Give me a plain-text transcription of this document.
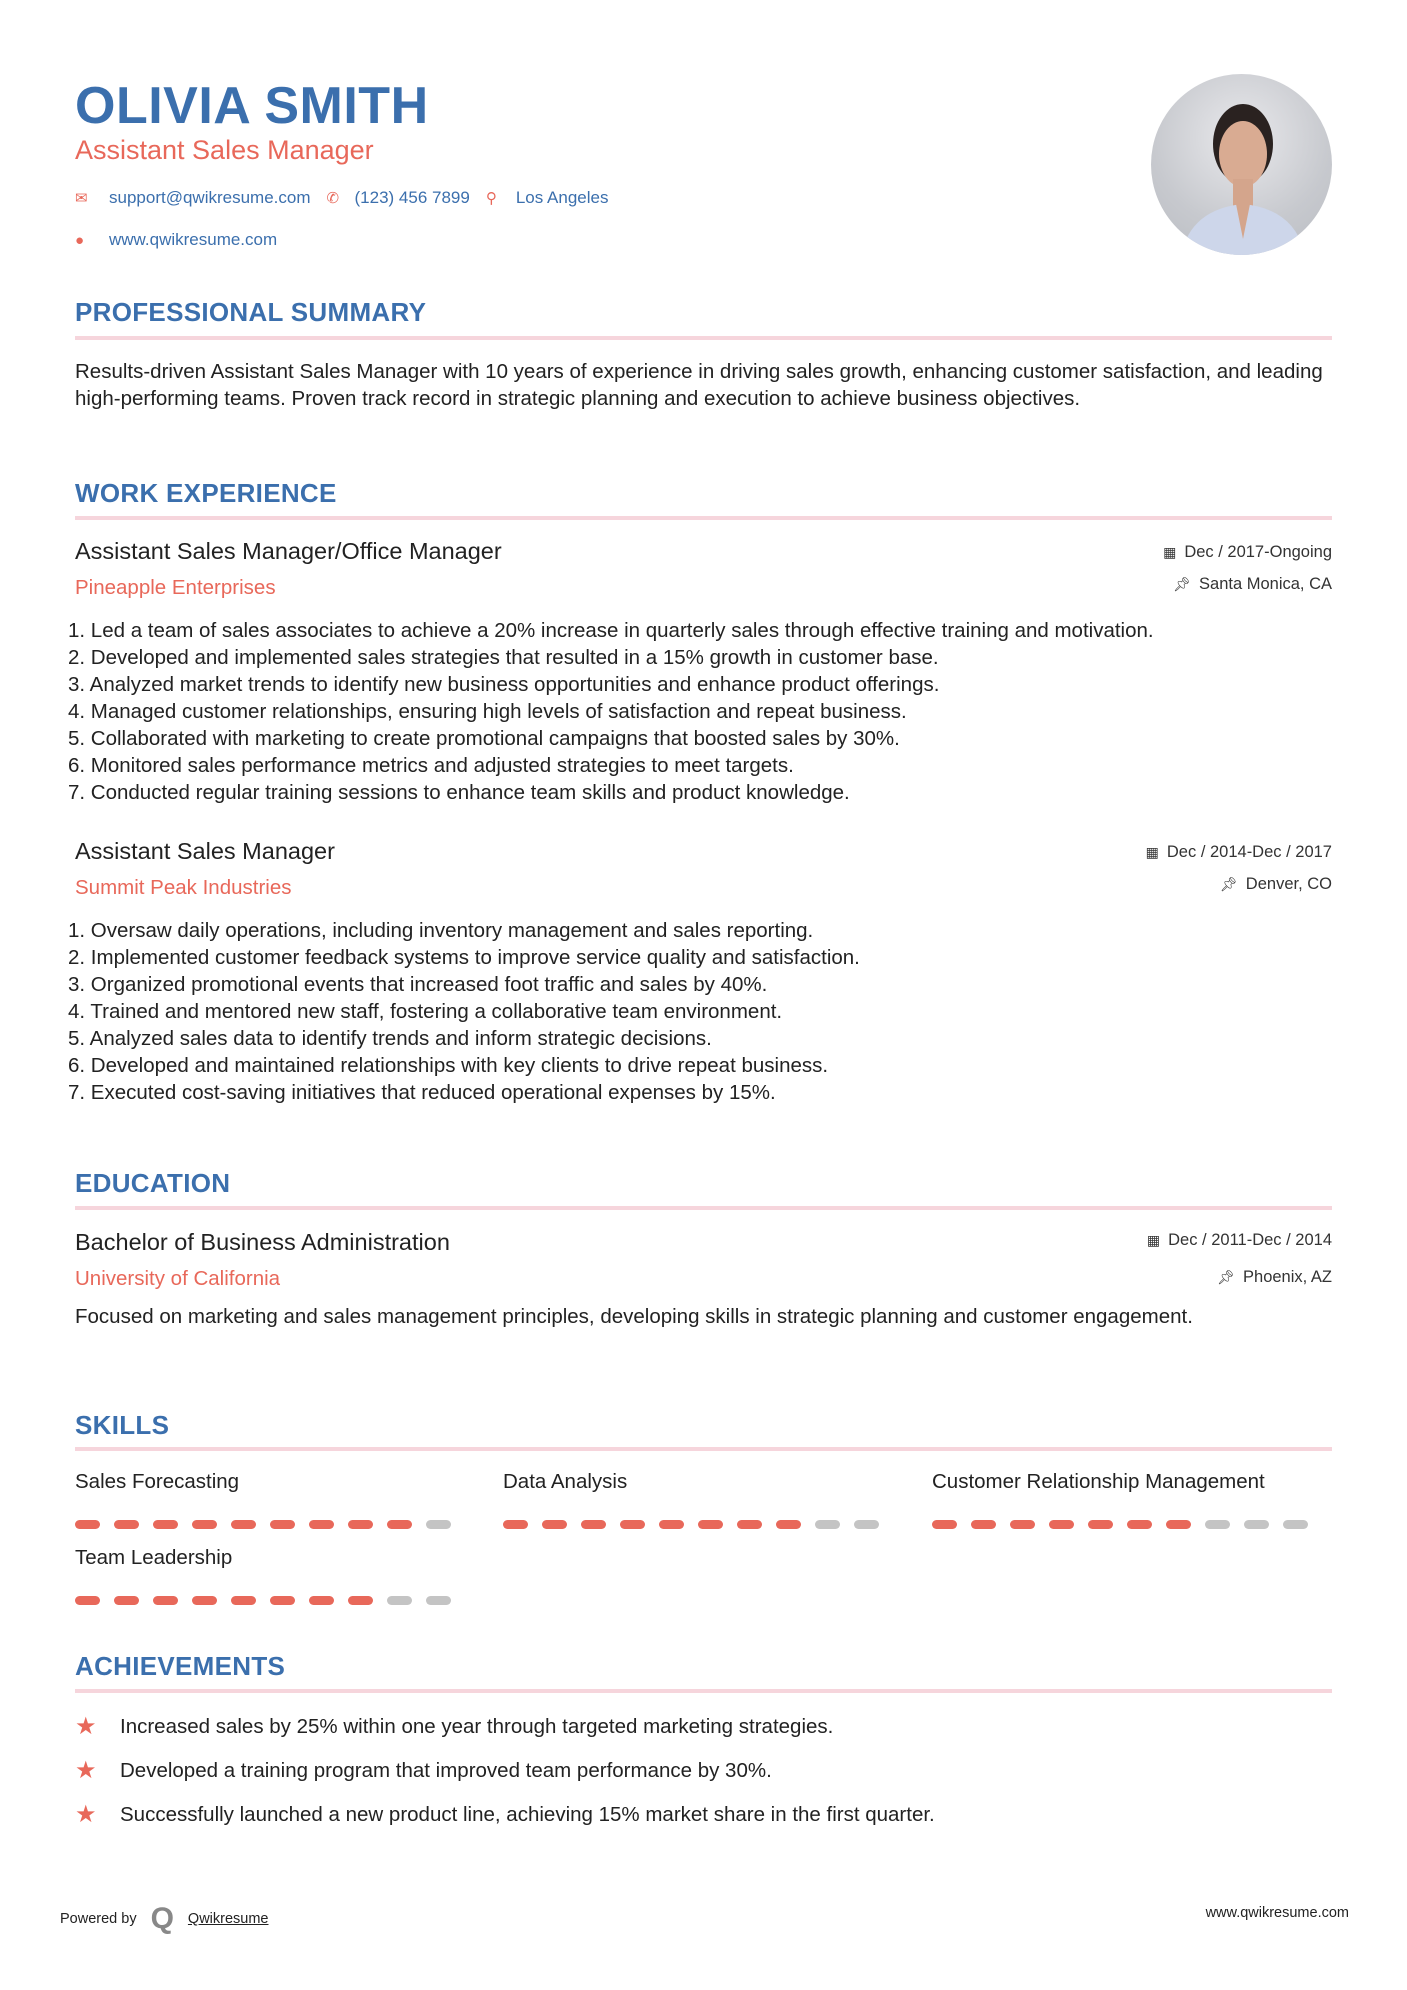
OLIVIA SMITH
Assistant Sales Manager
✉	support@qwikresume.com ✆ (123) 456 7899 ⚲	Los Angeles
●	www.qwikresume.com
PROFESSIONAL SUMMARY
Results-driven Assistant Sales Manager with 10 years of experience in driving sales growth, enhancing customer satisfaction, and leading high-performing teams. Proven track record in strategic planning and execution to achieve business objectives.
WORK EXPERIENCE
Assistant Sales Manager/Office Manager
Pineapple Enterprises
▦ Dec / 2017-Ongoing
📌︎ Santa Monica, CA
1. Led a team of sales associates to achieve a 20% increase in quarterly sales through effective training and motivation.
2. Developed and implemented sales strategies that resulted in a 15% growth in customer base.
3. Analyzed market trends to identify new business opportunities and enhance product offerings.
4. Managed customer relationships, ensuring high levels of satisfaction and repeat business.
5. Collaborated with marketing to create promotional campaigns that boosted sales by 30%.
6. Monitored sales performance metrics and adjusted strategies to meet targets.
7. Conducted regular training sessions to enhance team skills and product knowledge.
Assistant Sales Manager
Summit Peak Industries
▦ Dec / 2014-Dec / 2017
📌︎ Denver, CO
1. Oversaw daily operations, including inventory management and sales reporting.
2. Implemented customer feedback systems to improve service quality and satisfaction.
3. Organized promotional events that increased foot traffic and sales by 40%.
4. Trained and mentored new staff, fostering a collaborative team environment.
5. Analyzed sales data to identify trends and inform strategic decisions.
6. Developed and maintained relationships with key clients to drive repeat business.
7. Executed cost-saving initiatives that reduced operational expenses by 15%.
EDUCATION
Bachelor of Business Administration
University of California
▦ Dec / 2011-Dec / 2014
📌︎ Phoenix, AZ
Focused on marketing and sales management principles, developing skills in strategic planning and customer engagement.
SKILLS
Sales Forecasting	Data Analysis	Customer Relationship Management
Team Leadership
ACHIEVEMENTS
★	Increased sales by 25% within one year through targeted marketing strategies.
★	Developed a training program that improved team performance by 30%.
★	Successfully launched a new product line, achieving 15% market share in the first quarter.
Powered by Q Qwikresume	www.qwikresume.com
